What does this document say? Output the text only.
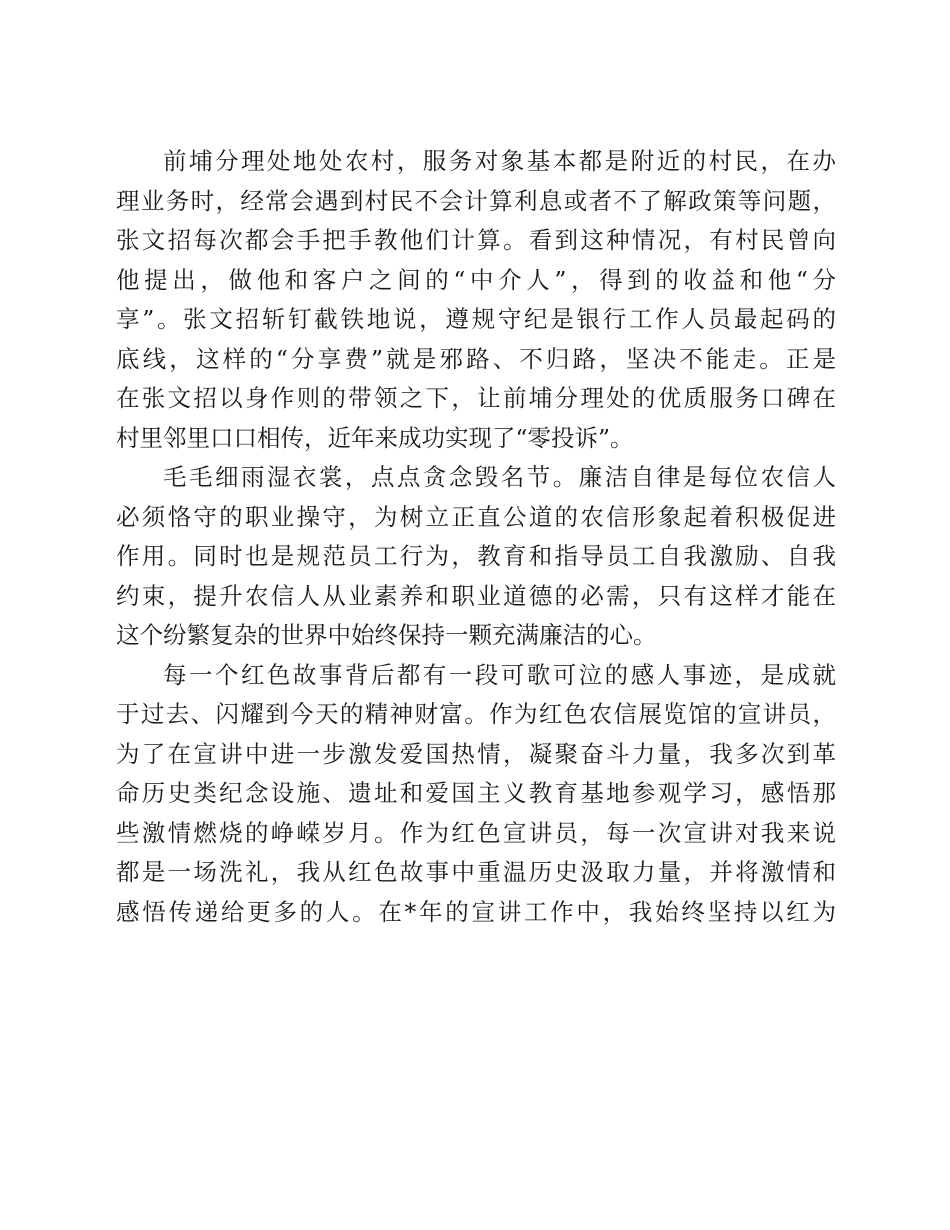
前埔分理处地处农村，服务对象基本都是附近的村民，在办
理业务时，经常会遇到村民不会计算利息或者不了解政策等问题，
张文招每次都会手把手教他们计算。看到这种情况，有村民曾向
他提出，做他和客户之间的“中介人”，得到的收益和他“分
享”。张文招斩钉截铁地说，遵规守纪是银行工作人员最起码的
底线，这样的“分享费”就是邪路、不归路，坚决不能走。正是
在张文招以身作则的带领之下，让前埔分理处的优质服务口碑在
村里邻里口口相传，近年来成功实现了“零投诉”。
毛毛细雨湿衣裳，点点贪念毁名节。廉洁自律是每位农信人
必须恪守的职业操守，为树立正直公道的农信形象起着积极促进
作用。同时也是规范员工行为，教育和指导员工自我激励、自我
约束，提升农信人从业素养和职业道德的必需，只有这样才能在
这个纷繁复杂的世界中始终保持一颗充满廉洁的心。
每一个红色故事背后都有一段可歌可泣的感人事迹，是成就
于过去、闪耀到今天的精神财富。作为红色农信展览馆的宣讲员，
为了在宣讲中进一步激发爱国热情，凝聚奋斗力量，我多次到革
命历史类纪念设施、遗址和爱国主义教育基地参观学习，感悟那
些激情燃烧的峥嵘岁月。作为红色宣讲员，每一次宣讲对我来说
都是一场洗礼，我从红色故事中重温历史汲取力量，并将激情和
感悟传递给更多的人。在*年的宣讲工作中，我始终坚持以红为
